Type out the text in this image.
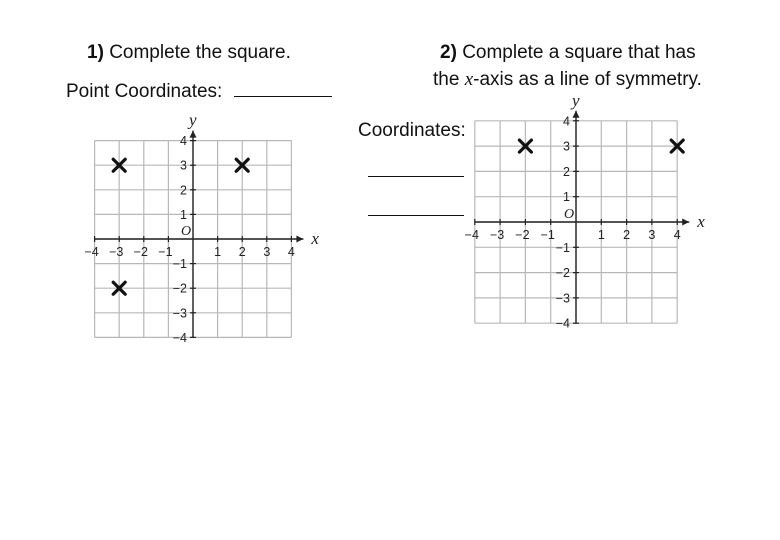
1) Complete the square.
Point Coordinates:
2) Complete a square that has
the x-axis as a line of symmetry.
Coordinates:
−4 −3 −2 −1	1 2 3 4
4
3
2
1
−1
−2
−3
−4
O	x
y
−4 −3 −2 −1	1 2 3 4
4
3
2
1
−1
−2
−3
−4
O	x
y
